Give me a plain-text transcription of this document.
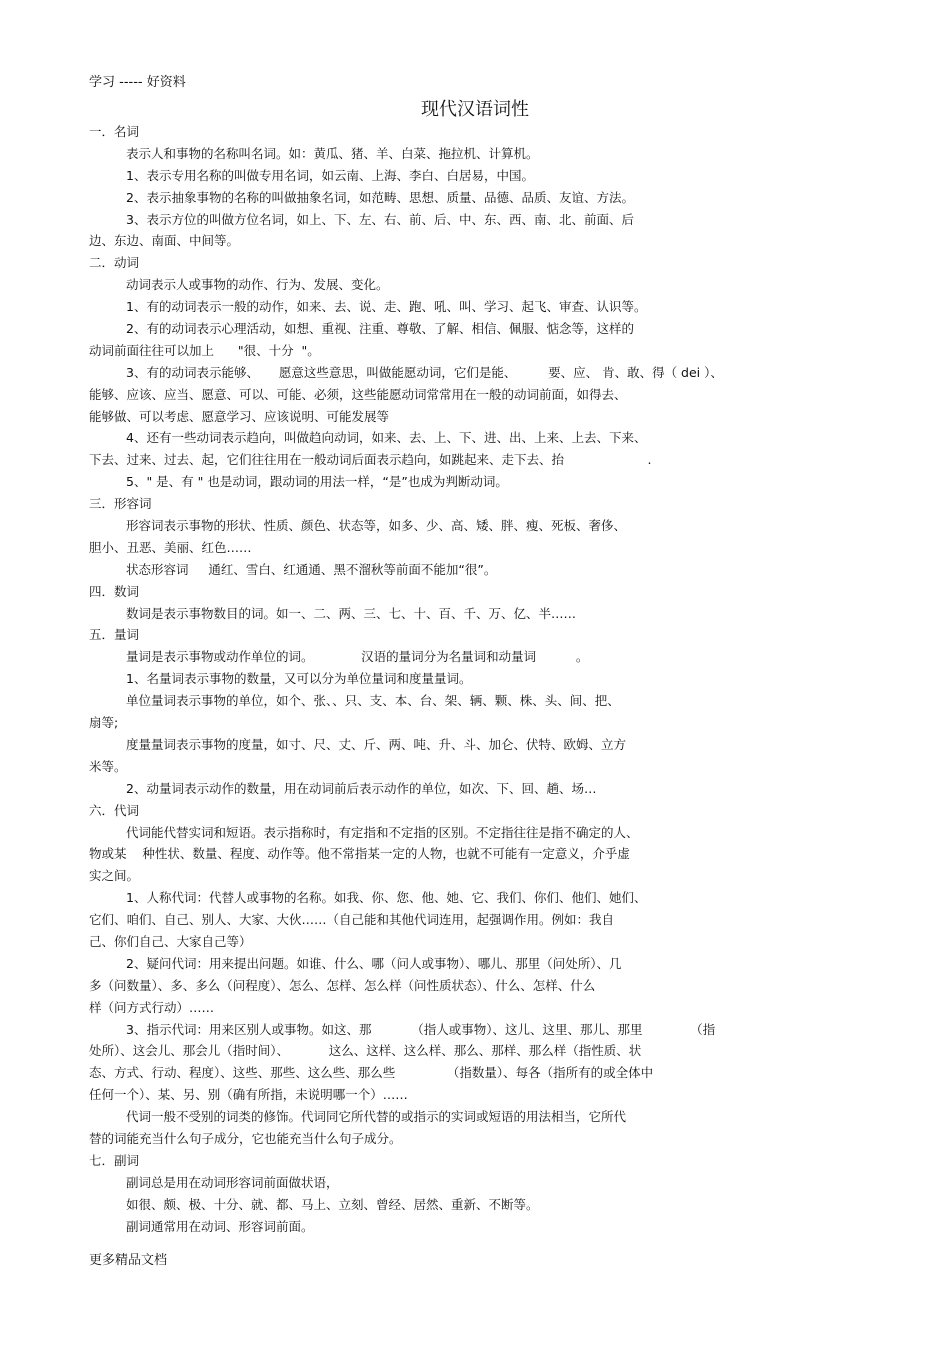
学习 ----- 好资料
现代汉语词性
一．名词
表示人和事物的名称叫名词。如：黄瓜、猪、羊、白菜、拖拉机、计算机。
1、表示专用名称的叫做专用名词，如云南、上海、李白、白居易，中国。
2、表示抽象事物的名称的叫做抽象名词，如范畴、思想、质量、品德、品质、友谊、方法。
3、表示方位的叫做方位名词，如上、下、左、右、前、后、中、东、西、南、北、前面、后
边、东边、南面、中间等。
二．动词
动词表示人或事物的动作、行为、发展、变化。
1、有的动词表示一般的动作，如来、去、说、走、跑、吼、叫、学习、起飞、审查、认识等。
2、有的动词表示心理活动，如想、重视、注重、尊敬、了解、相信、佩服、惦念等，这样的
动词前面往往可以加上      "很、十分  "。
3、有的动词表示能够、     愿意这些意思，叫做能愿动词，它们是能、        要、应、 肯、敢、得（ dei ）、
能够、应该、应当、愿意、可以、可能、必须，这些能愿动词常常用在一般的动词前面，如得去、
能够做、可以考虑、愿意学习、应该说明、可能发展等
4、还有一些动词表示趋向，叫做趋向动词，如来、去、上、下、进、出、上来、上去、下来、
下去、过来、过去、起，它们往往用在一般动词后面表示趋向，如跳起来、走下去、抬                     .
5、" 是、有 " 也是动词，跟动词的用法一样，“是”也成为判断动词。
三．形容词
形容词表示事物的形状、性质、颜色、状态等，如多、少、高、矮、胖、瘦、死板、奢侈、
胆小、丑恶、美丽、红色……
状态形容词     通红、雪白、红通通、黑不溜秋等前面不能加“很”。
四．数词
数词是表示事物数目的词。如一、二、两、三、七、十、百、千、万、亿、半……
五．量词
量词是表示事物或动作单位的词。            汉语的量词分为名量词和动量词          。
1、名量词表示事物的数量，又可以分为单位量词和度量量词。
单位量词表示事物的单位，如个、张、、只、支、本、台、架、辆、颗、株、头、间、把、
扇等;
度量量词表示事物的度量，如寸、尺、丈、斤、两、吨、升、斗、加仑、伏特、欧姆、立方
米等。
2、动量词表示动作的数量，用在动词前后表示动作的单位，如次、下、回、趟、场…
六．代词
代词能代替实词和短语。表示指称时，有定指和不定指的区别。不定指往往是指不确定的人、
物或某    种性状、数量、程度、动作等。他不常指某一定的人物，也就不可能有一定意义，介乎虚
实之间。
1、人称代词：代替人或事物的名称。如我、你、您、他、她、它、我们、你们、他们、她们、
它们、咱们、自己、别人、大家、大伙……（自己能和其他代词连用，起强调作用。例如：我自
己、你们自己、大家自己等）
2、疑问代词：用来提出问题。如谁、什么、哪（问人或事物）、哪儿、那里（问处所）、几
多（问数量）、多、多么（问程度）、怎么、怎样、怎么样（问性质状态）、什么、怎样、什么
样（问方式行动）……
3、指示代词：用来区别人或事物。如这、那          （指人或事物）、这儿、这里、那儿、那里            （指
处所）、这会儿、那会儿（指时间）、          这么、这样、这么样、那么、那样、那么样（指性质、状
态、方式、行动、程度）、这些、那些、这么些、那么些             （指数量）、每各（指所有的或全体中
任何一个）、某、另、别（确有所指，未说明哪一个）……
代词一般不受别的词类的修饰。代词同它所代替的或指示的实词或短语的用法相当，它所代
替的词能充当什么句子成分，它也能充当什么句子成分。
七．副词
副词总是用在动词形容词前面做状语，
如很、颇、极、十分、就、都、马上、立刻、曾经、居然、重新、不断等。
副词通常用在动词、形容词前面。
更多精品文档
